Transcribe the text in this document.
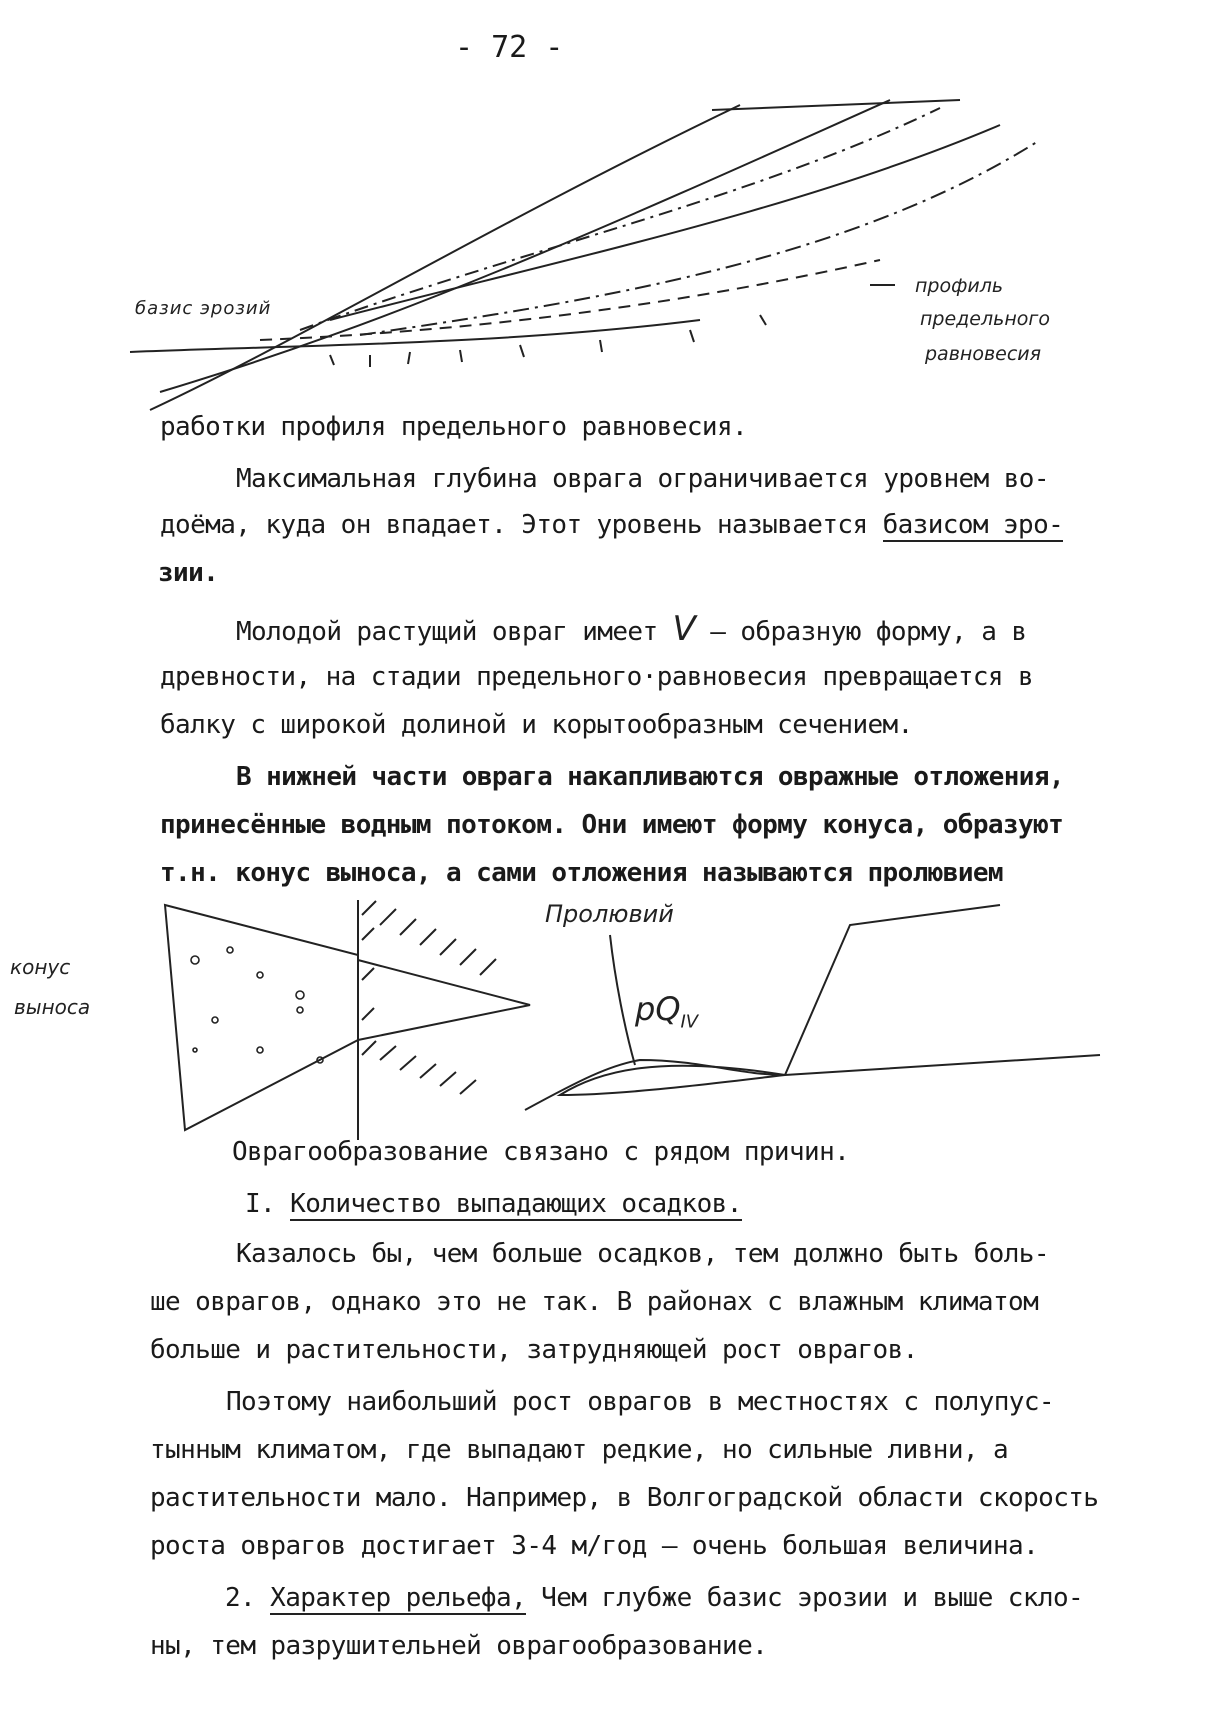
- 72 -
базис эрозий
профиль
предельного
равновесия
работки профиля предельного равновесия.
Максимальная глубина оврага ограничивается уровнем во-
доёма, куда он впадает. Этот уровень называется базисом эро-
зии.
Молодой растущий овраг имеет V – образную форму, а в
древности, на стадии предельного·равновесия превращается в
балку с широкой долиной и корытообразным сечением.
В нижней части оврага накапливаются овражные отложения,
принесённые водным потоком. Они имеют форму конуса, образуют
т.н. конус выноса, а сами отложения называются пролювием
конус
выноса
Пролювий
$pQ_{IV}$
Оврагообразование связано с рядом причин.
I. Количество выпадающих осадков.
Казалось бы, чем больше осадков, тем должно быть боль-
ше оврагов, однако это не так. В районах с влажным климатом
больше и растительности, затрудняющей рост оврагов.
Поэтому наибольший рост оврагов в местностях с полупус-
тынным климатом, где выпадают редкие, но сильные ливни, а
растительности мало. Например, в Волгоградской области скорость
роста оврагов достигает 3-4 м/год – очень большая величина.
2. Характер рельефа, Чем глубже базис эрозии и выше скло-
ны, тем разрушительней оврагообразование.
